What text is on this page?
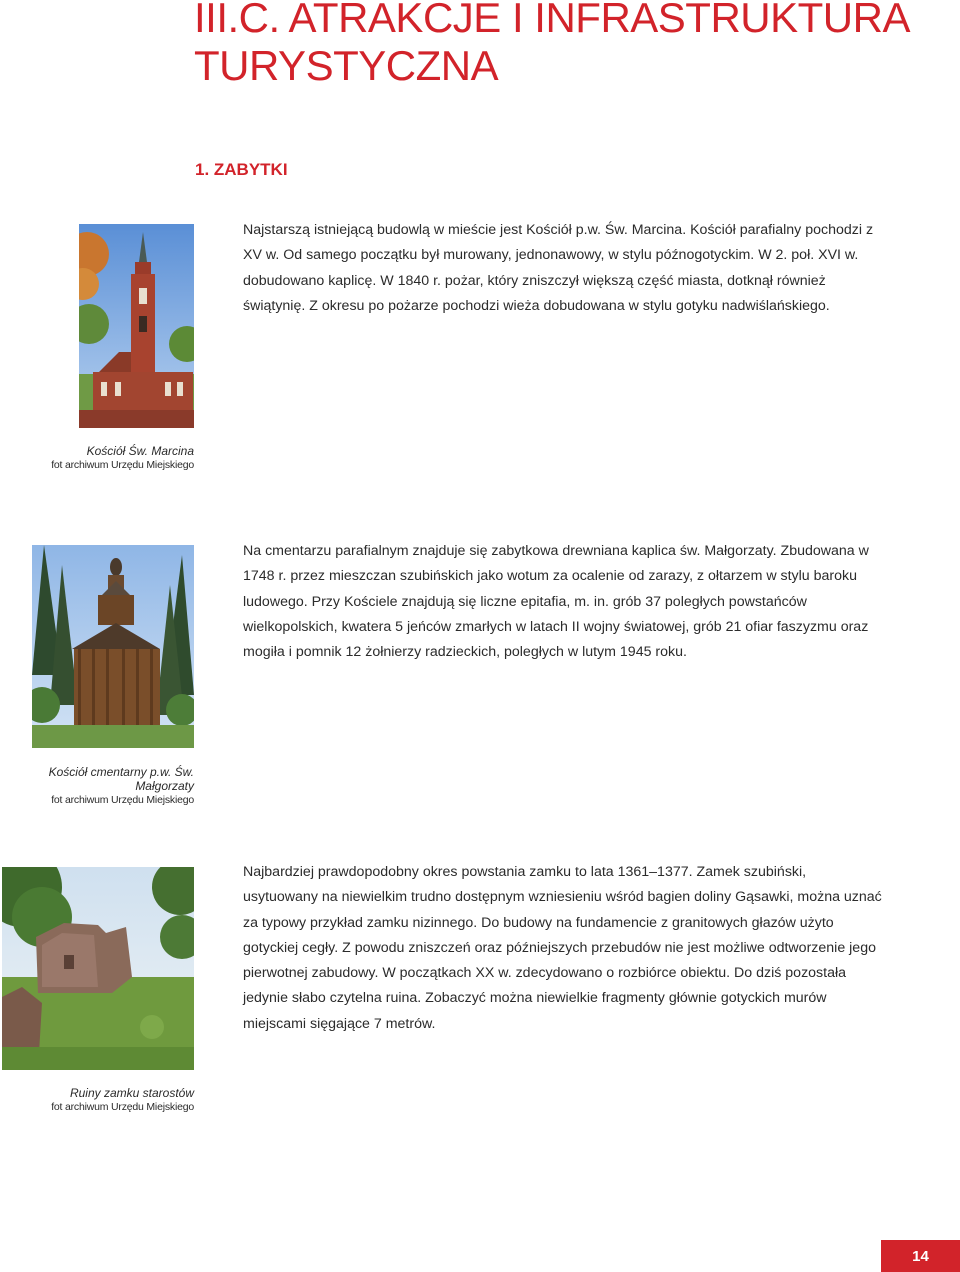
III.C. ATRAKCJE I INFRASTRUKTURA TURYSTYCZNA
1. ZABYTKI
Kościół Św. Marcina
fot archiwum Urzędu Miejskiego

Najstarszą istniejącą budowlą w mieście jest Kościół p.w. Św. Marcina. Kościół parafialny pochodzi z XV w. Od samego początku był murowany, jednonawowy, w stylu późnogotyckim. W 2. poł. XVI w. dobudowano kaplicę. W 1840 r. pożar, który zniszczył większą część miasta, dotknął również świątynię. Z okresu po pożarze pochodzi wieża dobudowana w stylu gotyku nadwiślańskiego.

Kościół cmentarny p.w. Św. Małgorzaty
fot archiwum Urzędu Miejskiego

Na cmentarzu parafialnym znajduje się zabytkowa drewniana kaplica św. Małgorzaty. Zbudowana w 1748 r. przez mieszczan szubińskich jako wotum za ocalenie od zarazy, z ołtarzem w stylu baroku ludowego. Przy Kościele znajdują się liczne epitafia, m. in. grób 37 poległych powstańców wielkopolskich, kwatera 5 jeńców zmarłych w latach II wojny światowej, grób 21 ofiar faszyzmu oraz mogiła i pomnik 12 żołnierzy radzieckich, poległych w lutym 1945 roku.

Ruiny zamku starostów
fot archiwum Urzędu Miejskiego

Najbardziej prawdopodobny okres powstania zamku to lata 1361–1377. Zamek szubiński, usytuowany na niewielkim trudno dostępnym wzniesieniu wśród bagien doliny Gąsawki, można uznać za typowy przykład zamku nizinnego. Do budowy na fundamencie z granitowych głazów użyto gotyckiej cegły. Z powodu zniszczeń oraz późniejszych przebudów nie jest możliwe odtworzenie jego pierwotnej zabudowy. W początkach XX w. zdecydowano o rozbiórce obiektu. Do dziś pozostała jedynie słabo czytelna ruina. Zobaczyć można niewielkie fragmenty głównie gotyckich murów miejscami sięgające 7 metrów.

14
